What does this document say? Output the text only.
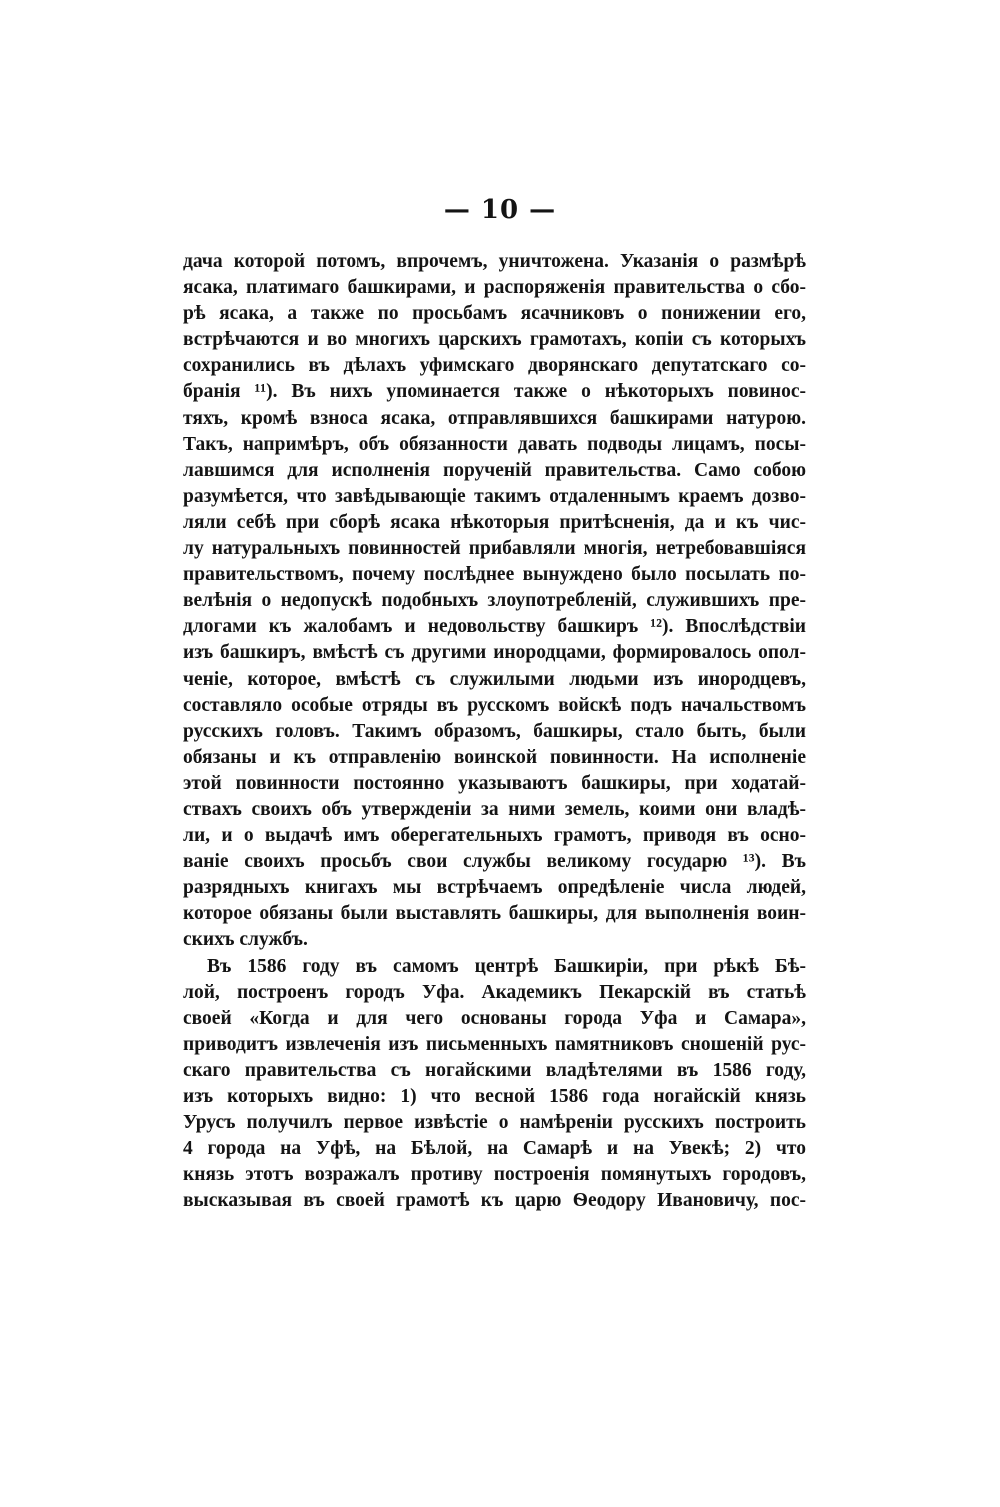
— 10 —
дача которой потомъ, впрочемъ, уничтожена. Указанія о размѣрѣ
ясака, платимаго башкирами, и распоряженія правительства о сбо-
рѣ ясака, а также по просьбамъ ясачниковъ о понижении его,
встрѣчаются и во многихъ царскихъ грамотахъ, копіи съ которыхъ
сохранились въ дѣлахъ уфимскаго дворянскаго депутатскаго со-
бранія ¹¹). Въ нихъ упоминается также о нѣкоторыхъ повинос-
тяхъ, кромѣ взноса ясака, отправлявшихся башкирами натурою.
Такъ, напримѣръ, объ обязанности давать подводы лицамъ, посы-
лавшимся для исполненія порученій правительства. Само собою
разумѣется, что завѣдывающіе такимъ отдаленнымъ краемъ дозво-
ляли себѣ при сборѣ ясака нѣкоторыя притѣсненія, да и къ чис-
лу натуральныхъ повинностей прибавляли многія, нетребовавшіяся
правительствомъ, почему послѣднее вынуждено было посылать по-
велѣнія о недопускѣ подобныхъ злоупотребленій, служившихъ пре-
длогами къ жалобамъ и недовольству башкиръ ¹²). Впослѣдствіи
изъ башкиръ, вмѣстѣ съ другими инородцами, формировалось опол-
ченіе, которое, вмѣстѣ съ служилыми людьми изъ инородцевъ,
составляло особые отряды въ русскомъ войскѣ подъ начальствомъ
русскихъ головъ. Такимъ образомъ, башкиры, стало быть, были
обязаны и къ отправленію воинской повинности. На исполненіе
этой повинности постоянно указываютъ башкиры, при ходатай-
ствахъ своихъ объ утвержденіи за ними земель, коими они владѣ-
ли, и о выдачѣ имъ оберегательныхъ грамотъ, приводя въ осно-
ваніе своихъ просьбъ свои службы великому государю ¹³). Въ
разрядныхъ книгахъ мы встрѣчаемъ опредѣленіе числа людей,
которое обязаны были выставлять башкиры, для выполненія воин-
скихъ службъ.
Въ 1586 году въ самомъ центрѣ Башкиріи, при рѣкѣ Бѣ-
лой, построенъ городъ Уфа. Академикъ Пекарскій въ статьѣ
своей «Когда и для чего основаны города Уфа и Самара»,
приводитъ извлеченія изъ письменныхъ памятниковъ сношеній рус-
скаго правительства съ ногайскими владѣтелями въ 1586 году,
изъ которыхъ видно: 1) что весной 1586 года ногайскій князь
Урусъ получилъ первое извѣстіе о намѣреніи русскихъ построить
4 города на Уфѣ, на Бѣлой, на Самарѣ и на Увекѣ; 2) что
князь этотъ возражалъ противу построенія помянутыхъ городовъ,
высказывая въ своей грамотѣ къ царю Ѳеодору Ивановичу, пос-
